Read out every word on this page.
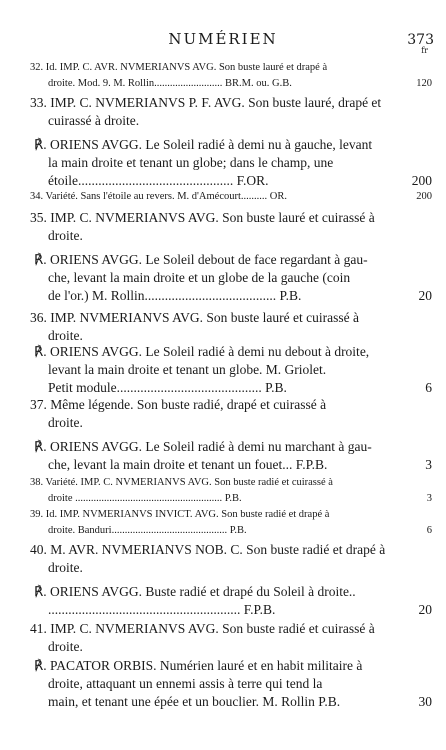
NUMÉRIEN	373
fr
32. Id. IMP. C. AVR. NVMERIANVS AVG. Son buste lauré et drapé à
droite. Mod. 9. M. Rollin.......................... BR.M. ou. G.B.	120
33. IMP. C. NVMERIANVS P. F. AVG. Son buste lauré, drapé et
cuirassé à droite.
℟. ORIENS AVGG. Le Soleil radié à demi nu à gauche, levant
la main droite et tenant un globe; dans le champ, une
étoile.............................................. F.OR.	200
34. Variété. Sans l'étoile au revers. M. d'Amécourt.......... OR.	200
35. IMP. C. NVMERIANVS AVG. Son buste lauré et cuirassé à
droite.
℟. ORIENS AVGG. Le Soleil debout de face regardant à gau-
che, levant la main droite et un globe de la gauche (coin
de l'or.) M. Rollin....................................... P.B.	20
36. IMP. NVMERIANVS AVG. Son buste lauré et cuirassé à
droite.
℟. ORIENS AVGG. Le Soleil radié à demi nu debout à droite,
levant la main droite et tenant un globe. M. Griolet.
Petit module........................................... P.B.	6
37. Même légende. Son buste radié, drapé et cuirassé à
droite.
℟. ORIENS AVGG. Le Soleil radié à demi nu marchant à gau-
che, levant la main droite et tenant un fouet... F.P.B.	3
38. Variété. IMP. C. NVMERIANVS AVG. Son buste radié et cuirassé à
droite ........................................................ P.B.	3
39. Id. IMP. NVMERIANVS INVICT. AVG. Son buste radié et drapé à
droite. Banduri............................................ P.B.	6
40. M. AVR. NVMERIANVS NOB. C. Son buste radié et drapé à
droite.
℟. ORIENS AVGG. Buste radié et drapé du Soleil à droite..
......................................................... F.P.B.	20
41. IMP. C. NVMERIANVS AVG. Son buste radié et cuirassé à
droite.
℟. PACATOR ORBIS. Numérien lauré et en habit militaire à
droite, attaquant un ennemi assis à terre qui tend la
main, et tenant une épée et un bouclier. M. Rollin P.B.	30
